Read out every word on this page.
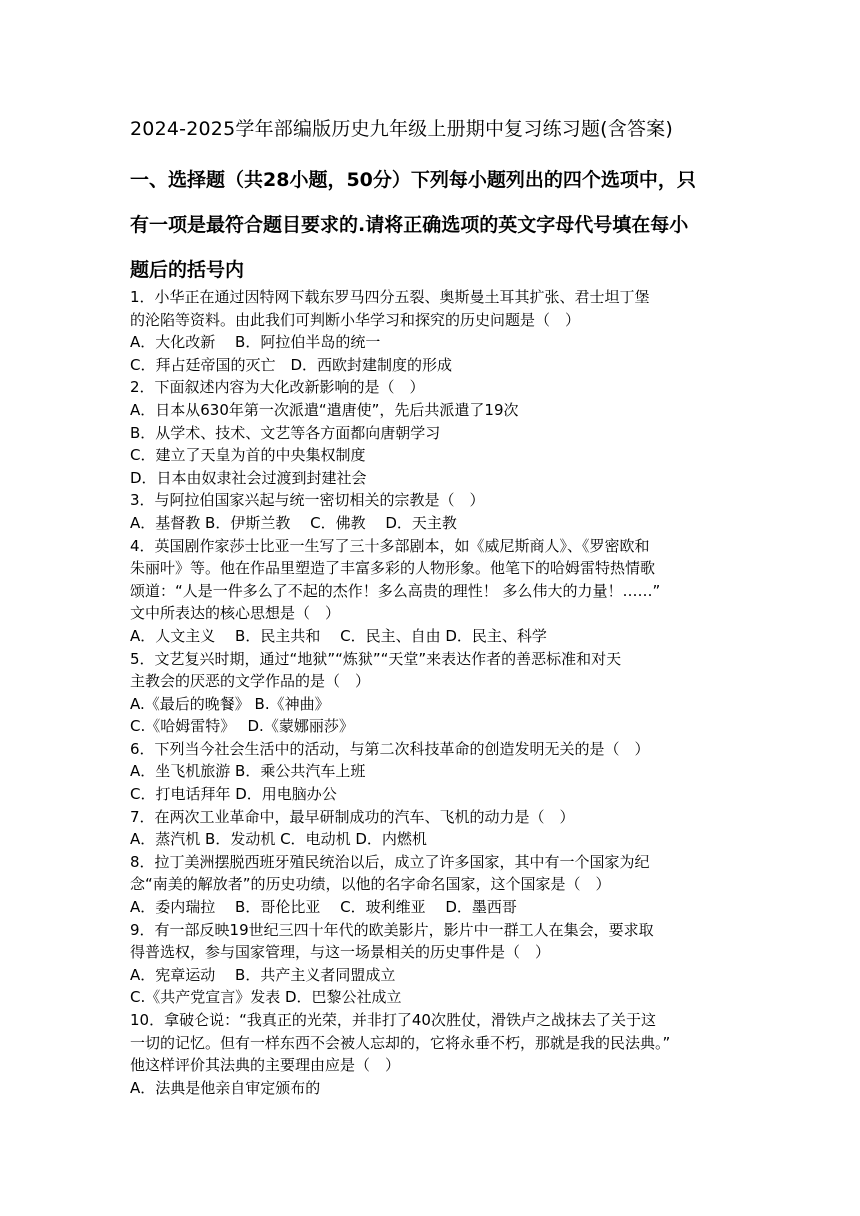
2024-2025学年部编版历史九年级上册期中复习练习题(含答案)
一、选择题（共28小题，50分）下列每小题列出的四个选项中，只
有一项是最符合题目要求的.请将正确选项的英文字母代号填在每小
题后的括号内
1．小华正在通过因特网下载东罗马四分五裂、奥斯曼土耳其扩张、君士坦丁堡
的沦陷等资料。由此我们可判断小华学习和探究的历史问题是（　）
A．大化改新　 B．阿拉伯半岛的统一
C．拜占廷帝国的灭亡　D．西欧封建制度的形成
2．下面叙述内容为大化改新影响的是（　）
A．日本从630年第一次派遣“遣唐使”，先后共派遣了19次
B．从学术、技术、文艺等各方面都向唐朝学习
C．建立了天皇为首的中央集权制度
D．日本由奴隶社会过渡到封建社会
3．与阿拉伯国家兴起与统一密切相关的宗教是（　）
A．基督教 B．伊斯兰教　 C．佛教　 D．天主教
4．英国剧作家莎士比亚一生写了三十多部剧本，如《威尼斯商人》、《罗密欧和
朱丽叶》等。他在作品里塑造了丰富多彩的人物形象。他笔下的哈姆雷特热情歌
颂道：“人是一件多么了不起的杰作！多么高贵的理性！ 多么伟大的力量！……”
文中所表达的核心思想是（　）
A．人文主义　 B．民主共和　 C．民主、自由 D．民主、科学
5．文艺复兴时期，通过“地狱”“炼狱”“天堂”来表达作者的善恶标准和对天
主教会的厌恶的文学作品的是（　）
A.《最后的晚餐》 B.《神曲》
C.《哈姆雷特》　 D.《蒙娜丽莎》
6．下列当今社会生活中的活动，与第二次科技革命的创造发明无关的是（　）
A．坐飞机旅游 B．乘公共汽车上班
C．打电话拜年 D．用电脑办公
7．在两次工业革命中，最早研制成功的汽车、飞机的动力是（　）
A．蒸汽机 B．发动机 C．电动机 D．内燃机
8．拉丁美洲摆脱西班牙殖民统治以后，成立了许多国家，其中有一个国家为纪
念“南美的解放者”的历史功绩，以他的名字命名国家，这个国家是（　）
A．委内瑞拉　 B．哥伦比亚　 C．玻利维亚　 D．墨西哥
9．有一部反映19世纪三四十年代的欧美影片，影片中一群工人在集会，要求取
得普选权，参与国家管理，与这一场景相关的历史事件是（　）
A．宪章运动　 B．共产主义者同盟成立
C.《共产党宣言》发表 D．巴黎公社成立
10．拿破仑说：“我真正的光荣，并非打了40次胜仗，滑铁卢之战抹去了关于这
一切的记忆。但有一样东西不会被人忘却的，它将永垂不朽，那就是我的民法典。”
他这样评价其法典的主要理由应是（　）
A．法典是他亲自审定颁布的
